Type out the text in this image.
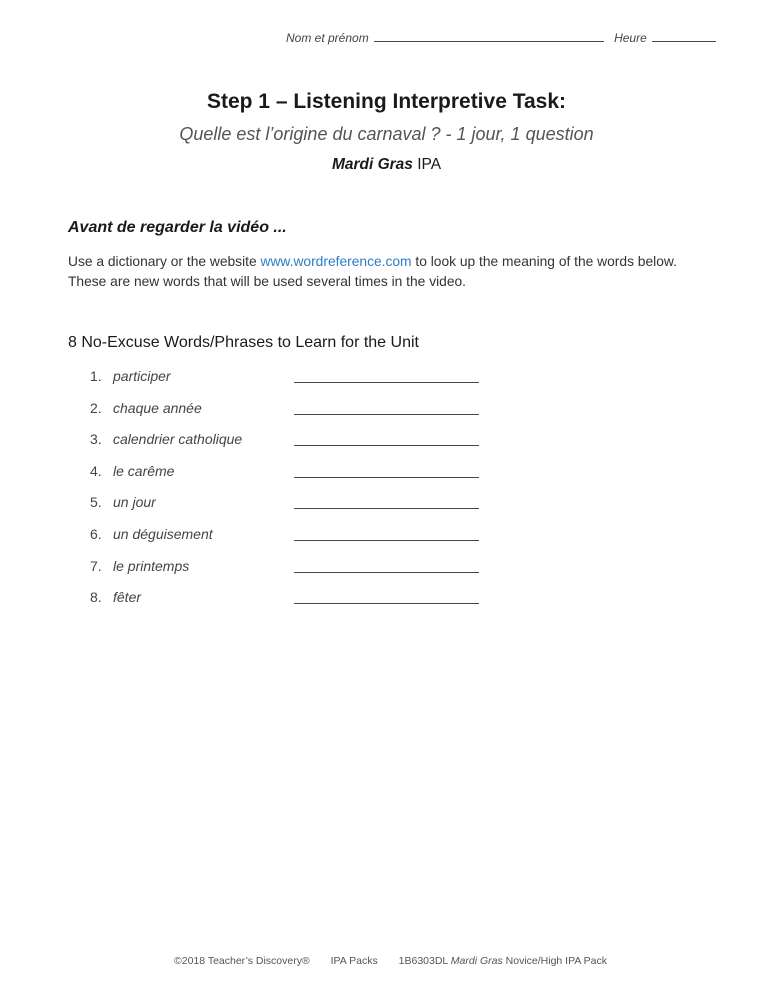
Nom et prénom	Heure
Step 1 – Listening Interpretive Task:

Quelle est l’origine du carnaval ? - 1 jour, 1 question

Mardi Gras IPA

Avant de regarder la vidéo ...
Use a dictionary or the website www.wordreference.com to look up the meaning of the words below. These are new words that will be used several times in the video.
8 No-Excuse Words/Phrases to Learn for the Unit
1. participer
2. chaque année
3. calendrier catholique
4. le carême
5. un jour
6. un déguisement
7. le printemps
8. fêter
©2018 Teacher’s Discovery® IPA Packs 1B6303DL Mardi Gras Novice/High IPA Pack
